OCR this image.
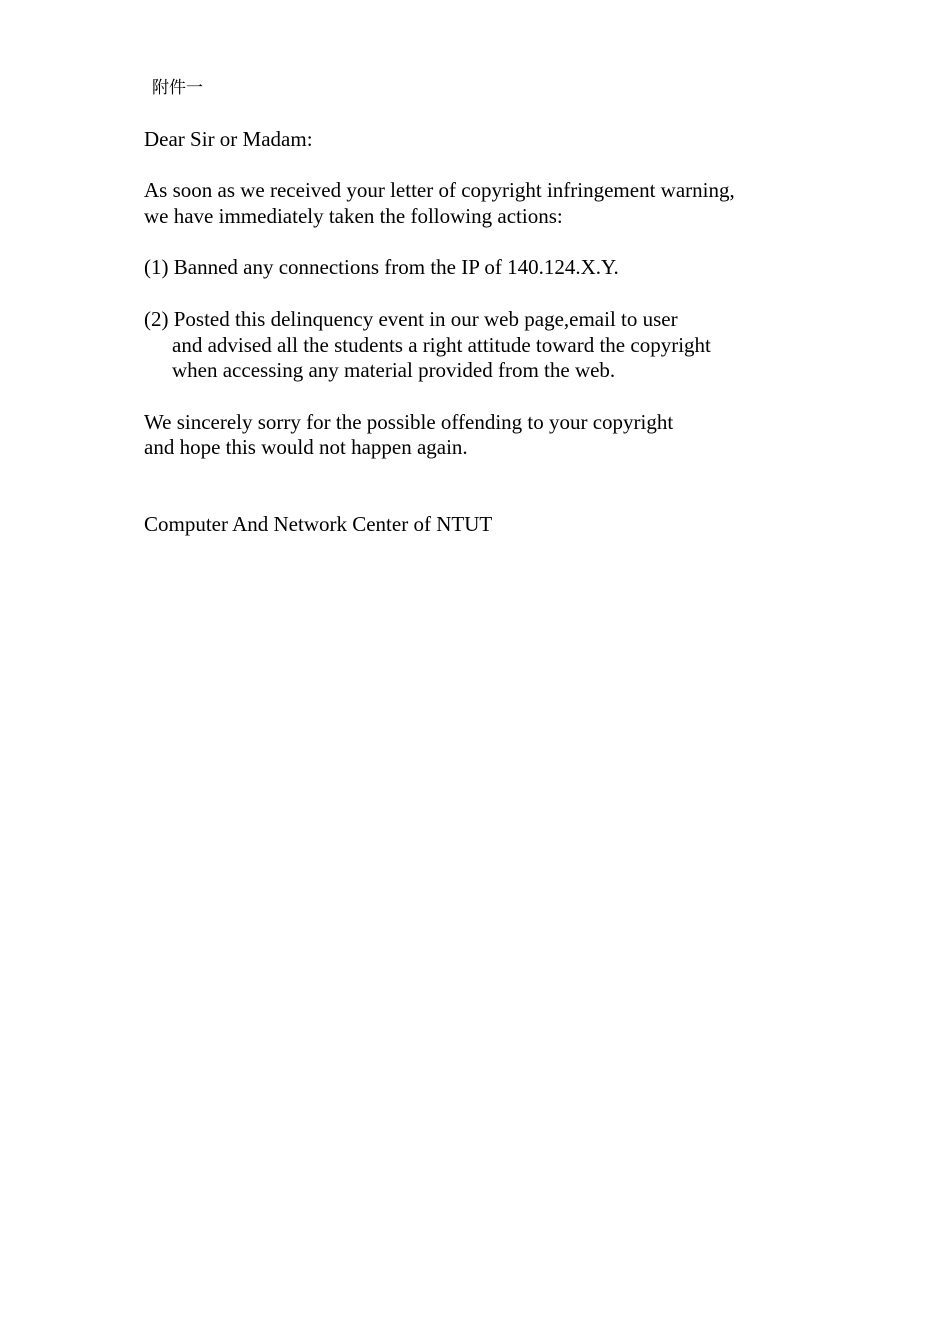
附件一
Dear Sir or Madam:
As soon as we received your letter of copyright infringement warning,
we have immediately taken the following actions:
(1) Banned any connections from the IP of 140.124.X.Y.
(2) Posted this delinquency event in our web page,email to user
and advised all the students a right attitude toward the copyright
when accessing any material provided from the web.
We sincerely sorry for the possible offending to your copyright
and hope this would not happen again.
Computer And Network Center of NTUT
